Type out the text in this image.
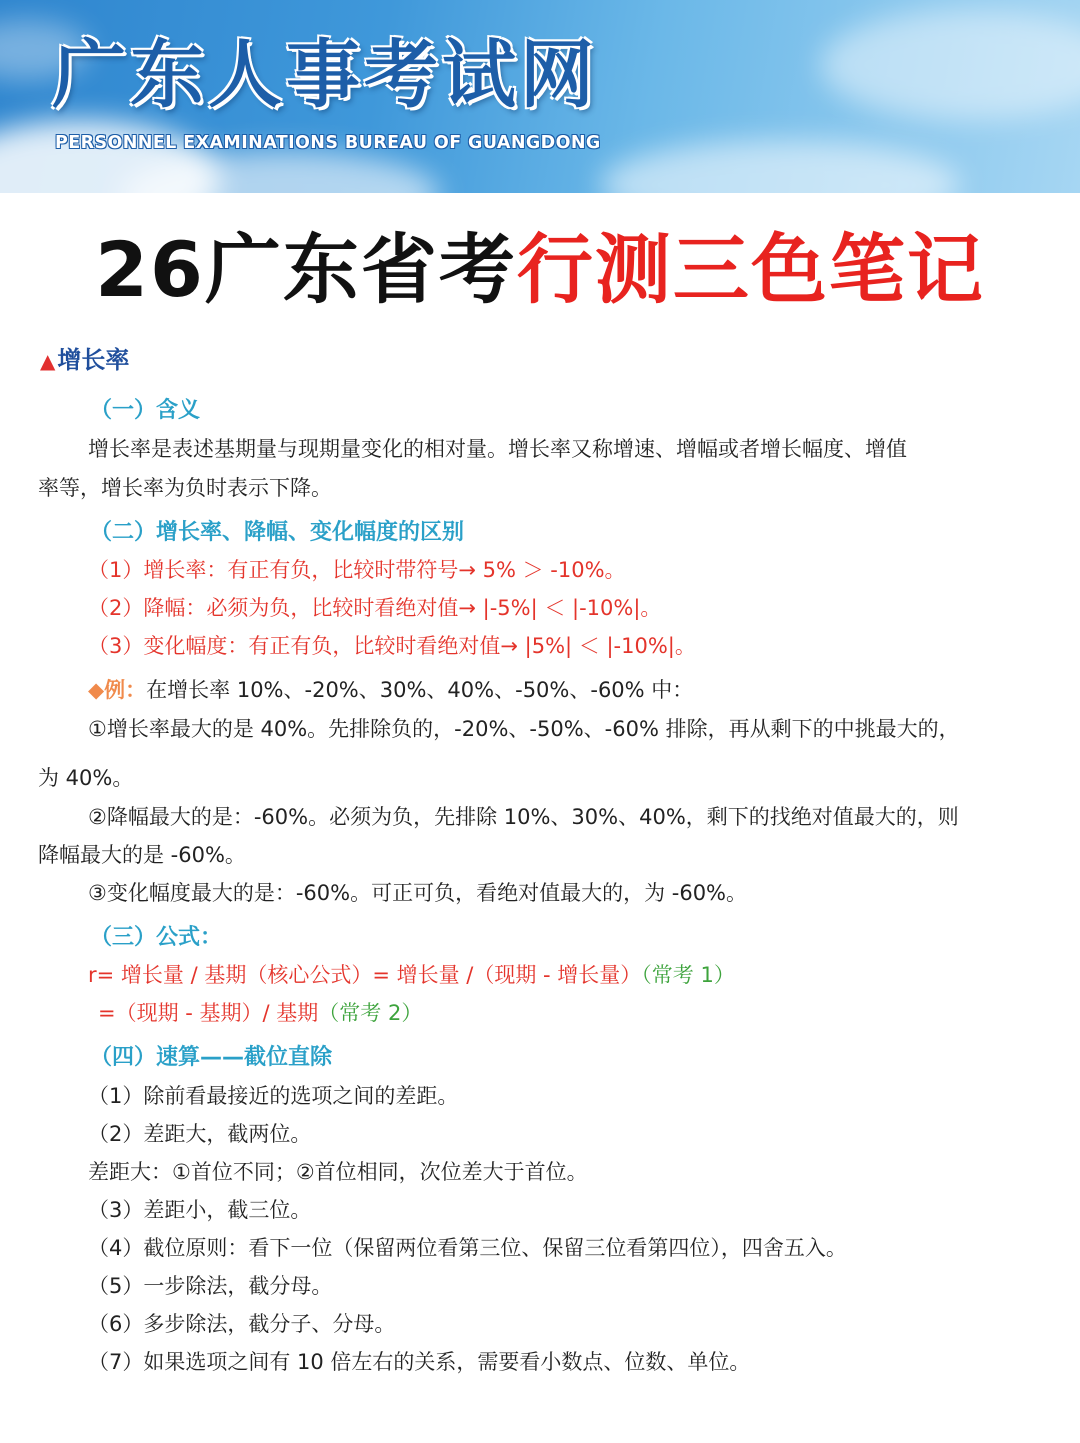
广东人事考试网
PERSONNEL EXAMINATIONS BUREAU OF GUANGDONG
26广东省考行测三色笔记
▲增长率
（一）含义
增长率是表述基期量与现期量变化的相对量。增长率又称增速、增幅或者增长幅度、增值
率等，增长率为负时表示下降。
（二）增长率、降幅、变化幅度的区别
（1）增长率：有正有负，比较时带符号→ 5% ＞ -10%。
（2）降幅：必须为负，比较时看绝对值→ |-5%| ＜ |-10%|。
（3）变化幅度：有正有负，比较时看绝对值→ |5%| ＜ |-10%|。
◆例：在增长率 10%、-20%、30%、40%、-50%、-60% 中：
①增长率最大的是 40%。先排除负的，-20%、-50%、-60% 排除，再从剩下的中挑最大的，
为 40%。
②降幅最大的是：-60%。必须为负，先排除 10%、30%、40%，剩下的找绝对值最大的，则
降幅最大的是 -60%。
③变化幅度最大的是：-60%。可正可负，看绝对值最大的，为 -60%。
（三）公式：
r= 增长量 / 基期（核心公式）= 增长量 /（现期 - 增长量）（常考 1）
=（现期 - 基期）/ 基期（常考 2）
（四）速算——截位直除
（1）除前看最接近的选项之间的差距。
（2）差距大，截两位。
差距大：①首位不同；②首位相同，次位差大于首位。
（3）差距小，截三位。
（4）截位原则：看下一位（保留两位看第三位、保留三位看第四位），四舍五入。
（5）一步除法，截分母。
（6）多步除法，截分子、分母。
（7）如果选项之间有 10 倍左右的关系，需要看小数点、位数、单位。
